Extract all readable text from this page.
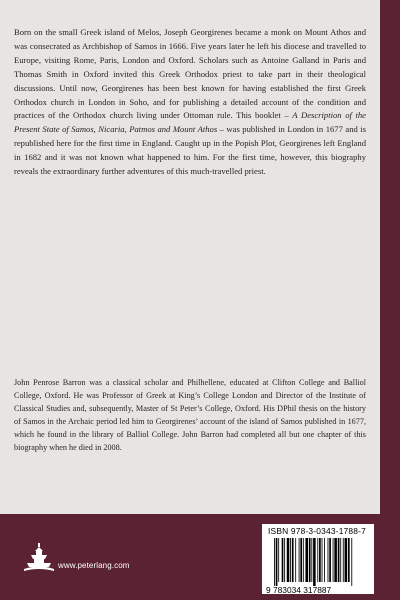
Born on the small Greek island of Melos, Joseph Georgirenes became a monk on Mount Athos and was consecrated as Archbishop of Samos in 1666. Five years later he left his diocese and travelled to Europe, visiting Rome, Paris, London and Oxford. Scholars such as Antoine Galland in Paris and Thomas Smith in Oxford invited this Greek Orthodox priest to take part in their theological discussions. Until now, Georgirenes has been best known for having established the first Greek Orthodox church in London in Soho, and for publishing a detailed account of the condition and practices of the Orthodox church living under Ottoman rule. This booklet – A Description of the Present State of Samos, Nicaria, Patmos and Mount Athos – was published in London in 1677 and is republished here for the first time in England. Caught up in the Popish Plot, Georgirenes left England in 1682 and it was not known what happened to him. For the first time, however, this biography reveals the extraordinary further adventures of this much-travelled priest.

John Penrose Barron was a classical scholar and Philhellene, educated at Clifton College and Balliol College, Oxford. He was Professor of Greek at King’s College London and Director of the Institute of Classical Studies and, subsequently, Master of St Peter’s College, Oxford. His DPhil thesis on the history of Samos in the Archaic period led him to Georgirenes’ account of the island of Samos published in 1677, which he found in the library of Balliol College. John Barron had completed all but one chapter of this biography when he died in 2008.

www.peterlang.com
ISBN 978-3-0343-1788-7
9 783034 317887
